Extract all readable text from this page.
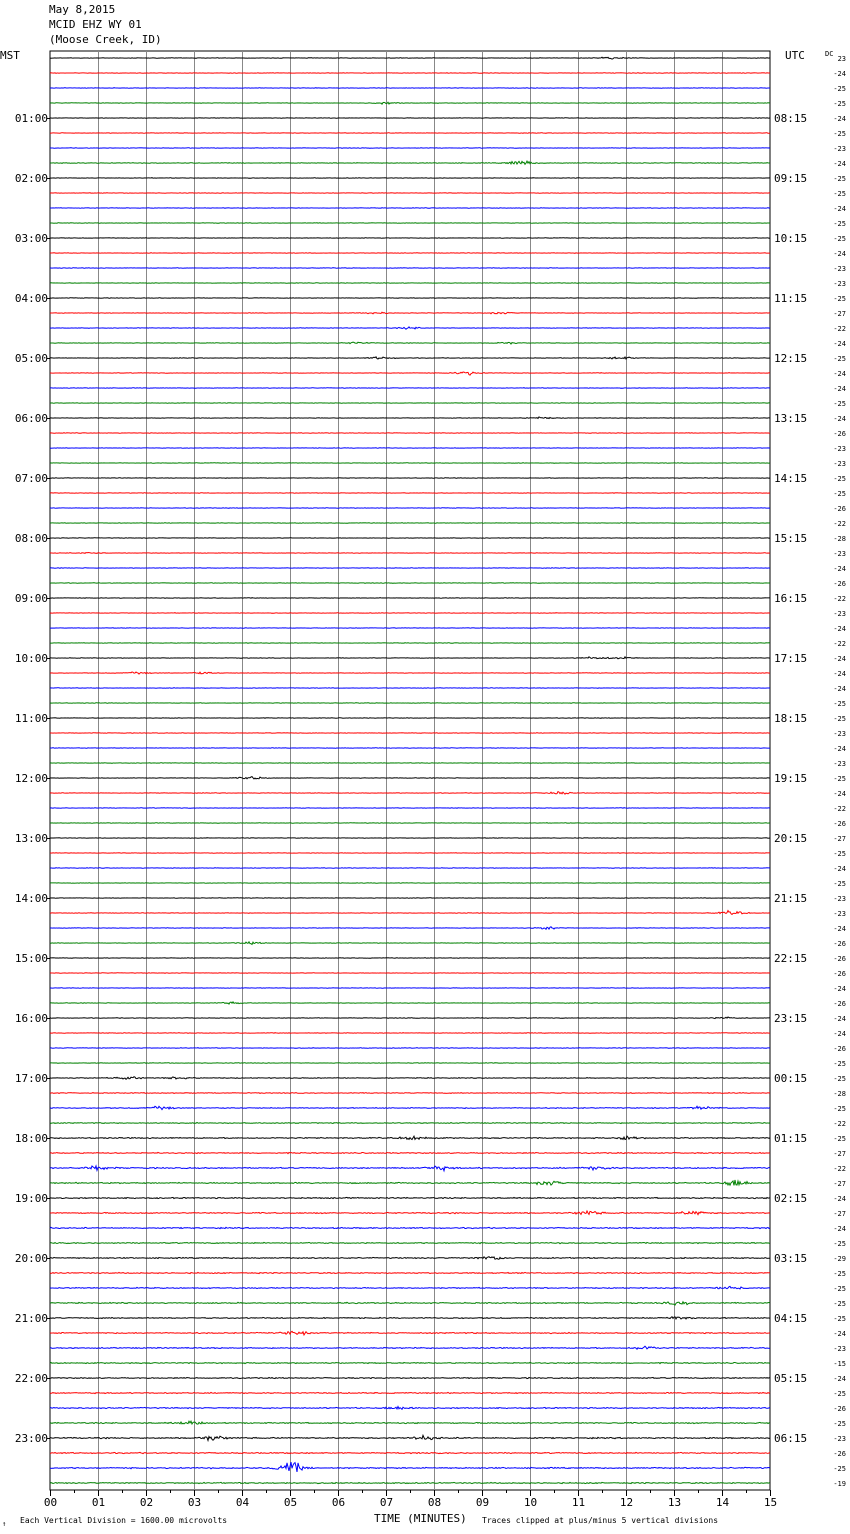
May 8,2015
MCID EHZ WY 01
(Moose Creek, ID)
MST	UTC	DC
↑ Each Vertical Division = 1600.00 microvolts	TIME (MINUTES) Traces clipped at plus/minus 5 vertical divisions
00	01	02	03	04	05	06	07	08	09	10	11	12	13	14	15
01:00
02:00
03:00
04:00
05:00
06:00
07:00
08:00
09:00
10:00
11:00
12:00
13:00
14:00
15:00
16:00
17:00
18:00
19:00
20:00
21:00
22:00
23:00
08:15
09:15
10:15
11:15
12:15
13:15
14:15
15:15
16:15
17:15
18:15
19:15
20:15
21:15
22:15
23:15
00:15
01:15
02:15
03:15
04:15
05:15
06:15
23
-24
-25
-25
-24
-25
-23
-24
-25
-25
-24
-25
-25
-24
-23
-23
-25
-27
-22
-24
-25
-24
-24
-25
-24
-26
-23
-23
-25
-25
-26
-22
-28
-23
-24
-26
-22
-23
-24
-22
-24
-24
-24
-25
-25
-23
-24
-23
-25
-24
-22
-26
-27
-25
-24
-25
-23
-23
-24
-26
-26
-26
-24
-26
-24
-24
-26
-25
-25
-28
-25
-22
-25
-27
-22
-27
-24
-27
-24
-25
-29
-25
-25
-25
-25
-24
-23
-15
-24
-25
-26
-25
-23
-26
-25
-19
